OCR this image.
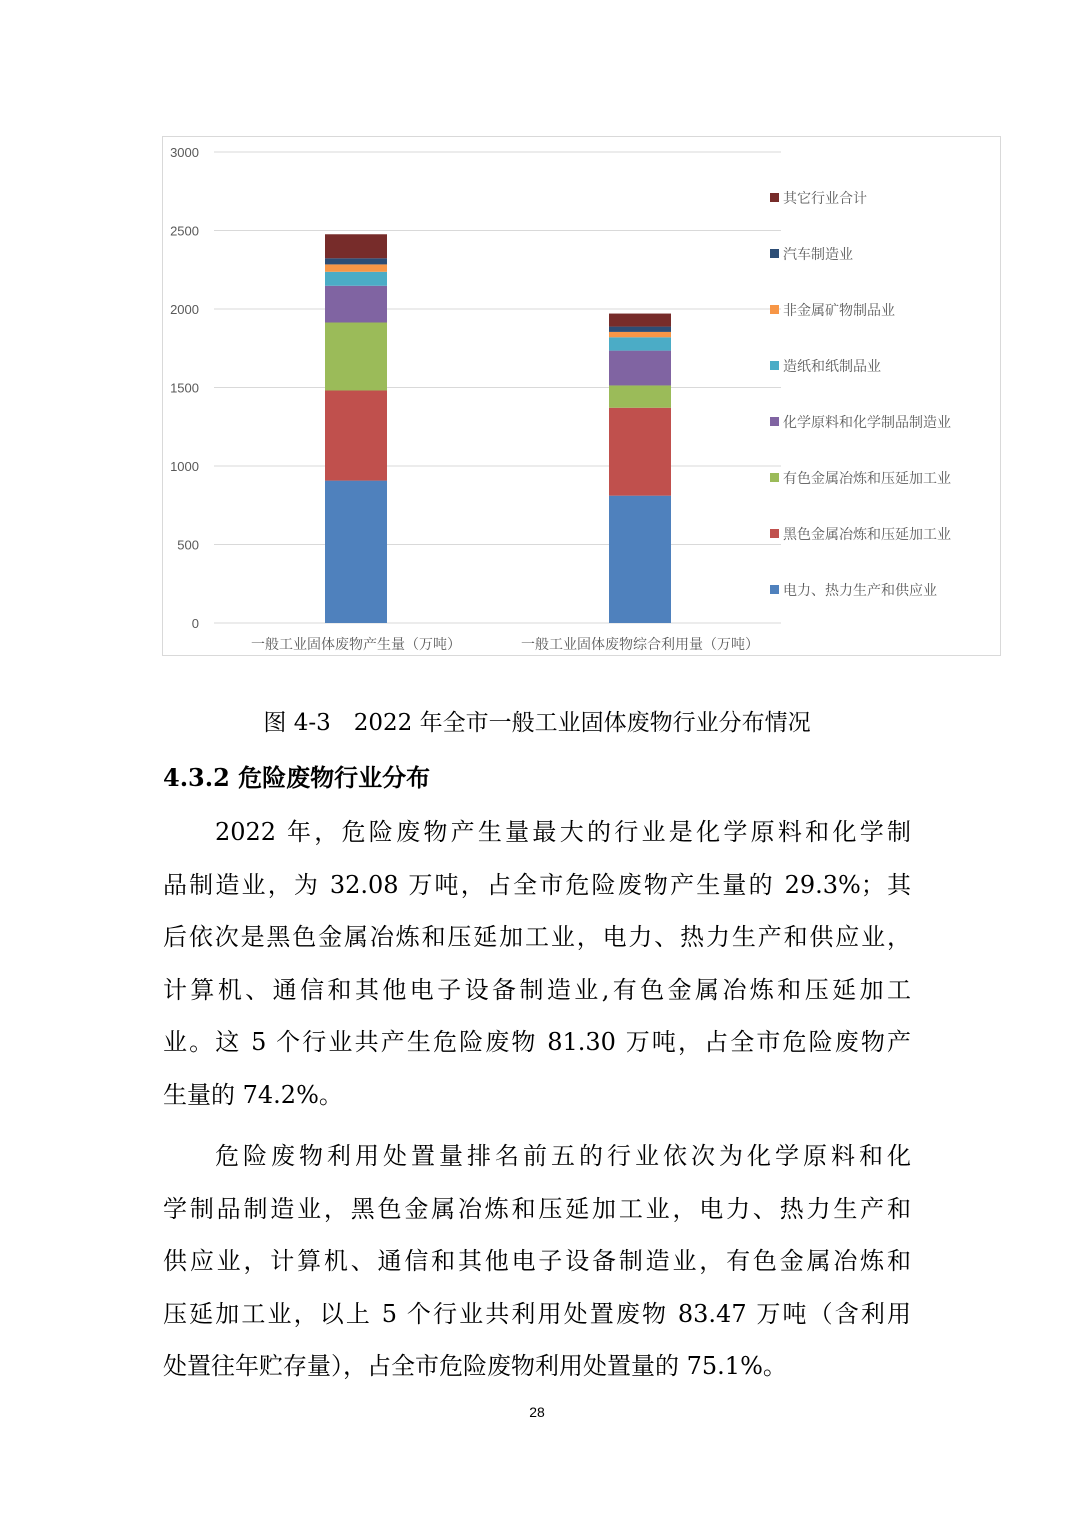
0
500
1000
1500
2000
2500
3000
一般工业固体废物产生量（万吨）	一般工业固体废物综合利用量（万吨）
其它行业合计
汽车制造业
非金属矿物制品业
造纸和纸制品业
化学原料和化学制品制造业
有色金属冶炼和压延加工业
黑色金属冶炼和压延加工业
电力、热力生产和供应业
图 4-3　2022 年全市一般工业固体废物行业分布情况
4.3.2 危险废物行业分布
2022 年，危险废物产生量最大的行业是化学原料和化学制
品制造业，为 32.08 万吨，占全市危险废物产生量的 29.3%；其
后依次是黑色金属冶炼和压延加工业，电力、热力生产和供应业，
计算机、通信和其他电子设备制造业,有色金属冶炼和压延加工
业。这 5 个行业共产生危险废物 81.30 万吨，占全市危险废物产
生量的 74.2%。
危险废物利用处置量排名前五的行业依次为化学原料和化
学制品制造业，黑色金属冶炼和压延加工业，电力、热力生产和
供应业，计算机、通信和其他电子设备制造业，有色金属冶炼和
压延加工业，以上 5 个行业共利用处置废物 83.47 万吨（含利用
处置往年贮存量），占全市危险废物利用处置量的 75.1%。
28
